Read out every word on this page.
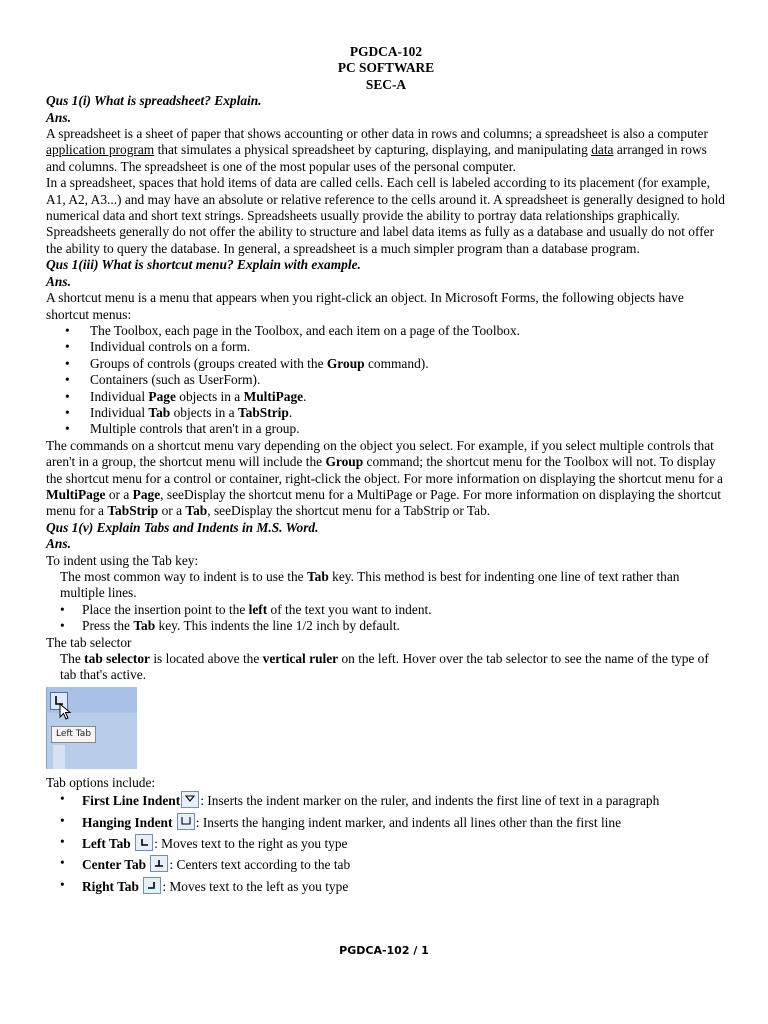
PGDCA-102
PC SOFTWARE
SEC-A

Qus 1(i) What is spreadsheet? Explain.

Ans.

A spreadsheet is a sheet of paper that shows accounting or other data in rows and columns; a spreadsheet is also a computer application program that simulates a physical spreadsheet by capturing, displaying, and manipulating data arranged in rows and columns. The spreadsheet is one of the most popular uses of the personal computer.

In a spreadsheet, spaces that hold items of data are called cells. Each cell is labeled according to its placement (for example, A1, A2, A3...) and may have an absolute or relative reference to the cells around it. A spreadsheet is generally designed to hold numerical data and short text strings. Spreadsheets usually provide the ability to portray data relationships graphically. Spreadsheets generally do not offer the ability to structure and label data items as fully as a database and usually do not offer the ability to query the database. In general, a spreadsheet is a much simpler program than a database program.

Qus 1(iii) What is shortcut menu? Explain with example.

Ans.

A shortcut menu is a menu that appears when you right-click an object. In Microsoft Forms, the following objects have shortcut menus:

• The Toolbox, each page in the Toolbox, and each item on a page of the Toolbox.
• Individual controls on a form.
• Groups of controls (groups created with the Group command).
• Containers (such as UserForm).
• Individual Page objects in a MultiPage.
• Individual Tab objects in a TabStrip.
• Multiple controls that aren't in a group.

The commands on a shortcut menu vary depending on the object you select. For example, if you select multiple controls that aren't in a group, the shortcut menu will include the Group command; the shortcut menu for the Toolbox will not. To display the shortcut menu for a control or container, right-click the object. For more information on displaying the shortcut menu for a MultiPage or a Page, seeDisplay the shortcut menu for a MultiPage or Page. For more information on displaying the shortcut menu for a TabStrip or a Tab, seeDisplay the shortcut menu for a TabStrip or Tab.

Qus 1(v) Explain Tabs and Indents in M.S. Word.

Ans.

To indent using the Tab key:

The most common way to indent is to use the Tab key. This method is best for indenting one line of text rather than multiple lines.

• Place the insertion point to the left of the text you want to indent.
• Press the Tab key. This indents the line 1/2 inch by default.

The tab selector

The tab selector is located above the vertical ruler on the left. Hover over the tab selector to see the name of the type of tab that's active.

Left Tab

Tab options include:

• First Line Indent : Inserts the indent marker on the ruler, and indents the first line of text in a paragraph
• Hanging Indent : Inserts the hanging indent marker, and indents all lines other than the first line
• Left Tab : Moves text to the right as you type
• Center Tab : Centers text according to the tab
• Right Tab : Moves text to the left as you type
PGDCA-102 / 1
